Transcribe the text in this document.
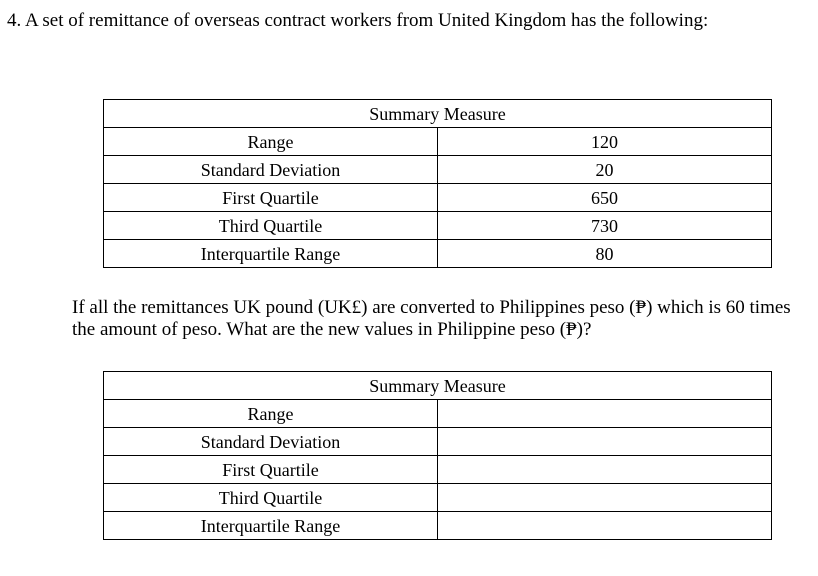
4. A set of remittance of overseas contract workers from United Kingdom has the following:
Summary Measure	
Range	120
Standard Deviation	20
First Quartile	650
Third Quartile	730
Interquartile Range	80
If all the remittances UK pound (UK£) are converted to Philippines peso (₱) which is 60 times the amount of peso. What are the new values in Philippine peso (₱)?
Summary Measure	
Range	
Standard Deviation	
First Quartile	
Third Quartile	
Interquartile Range	
